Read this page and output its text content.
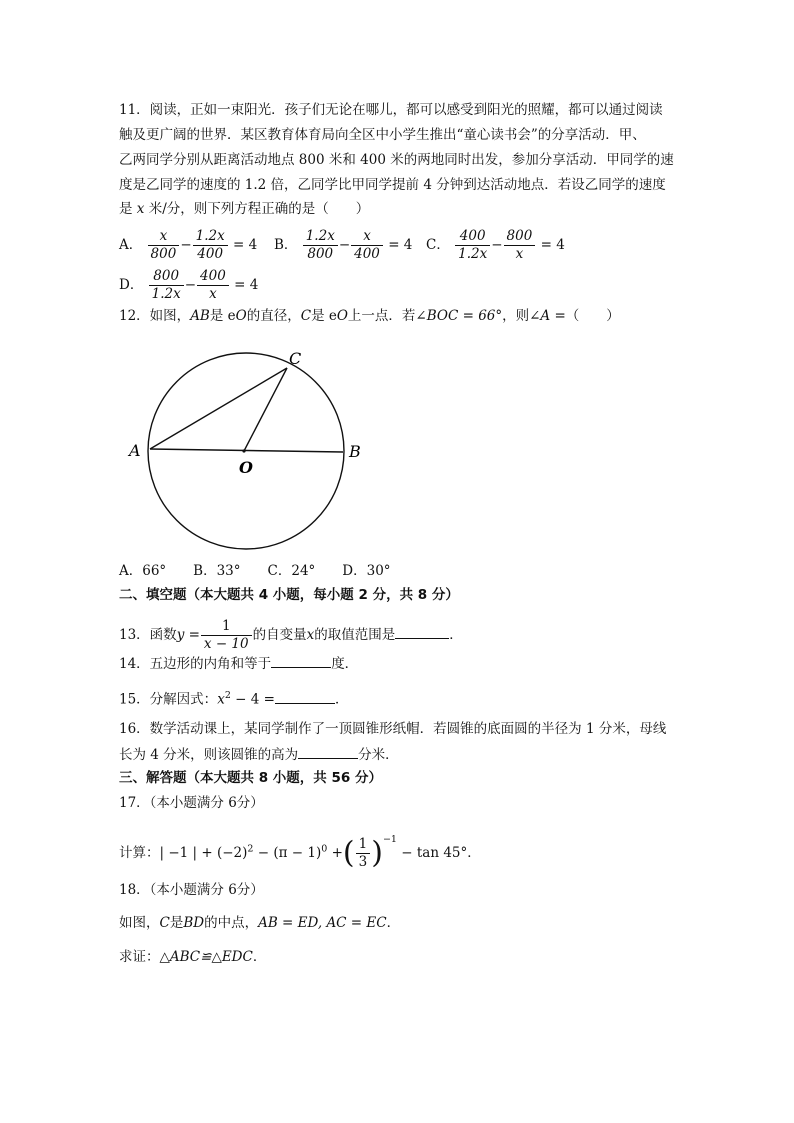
11．阅读，正如一束阳光．孩子们无论在哪儿，都可以感受到阳光的照耀，都可以通过阅读
触及更广阔的世界．某区教育体育局向全区中小学生推出“童心读书会”的分享活动．甲、
乙两同学分别从距离活动地点 800 米和 400 米的两地同时出发，参加分享活动．甲同学的速
度是乙同学的速度的 1.2 倍，乙同学比甲同学提前 4 分钟到达活动地点．若设乙同学的速度
是 x 米/分，则下列方程正确的是（　　）
A． $\frac{x}{800} - \frac{1.2x}{400} = 4$ B． $\frac{1.2x}{800} - \frac{x}{400} = 4$ C． $\frac{400}{1.2x} - \frac{800}{x} = 4$
D． $\frac{800}{1.2x} - \frac{400}{x} = 4$
12．如图，AB是 eO的直径，C是 eO上一点．若∠BOC = 66°，则∠A =（　　）
A	B
C
O
A．66°　　B．33°　　C．24°　　D．30°
二、填空题（本大题共 4 小题，每小题 2 分，共 8 分）
13．函数$y = \frac{1}{x - 10}$ 的自变量x的取值范围是	．
14．五边形的内角和等于	度．
15．分解因式：$x^2 - 4$ =	．
16．数学活动课上，某同学制作了一顶圆锥形纸帽．若圆锥的底面圆的半径为 1 分米，母线
长为 4 分米，则该圆锥的高为	分米．
三、解答题（本大题共 8 小题，共 56 分）
17．（本小题满分 6分）
计算：| −1 | + $(-2)^2 - (\pi - 1)^0$ +( $\frac{1}{3} )^{-1} - \tan 45^\circ$．
18．（本小题满分 6分）
如图，C是BD的中点，AB = ED, AC = EC．
求证：△ABC≌△EDC．
